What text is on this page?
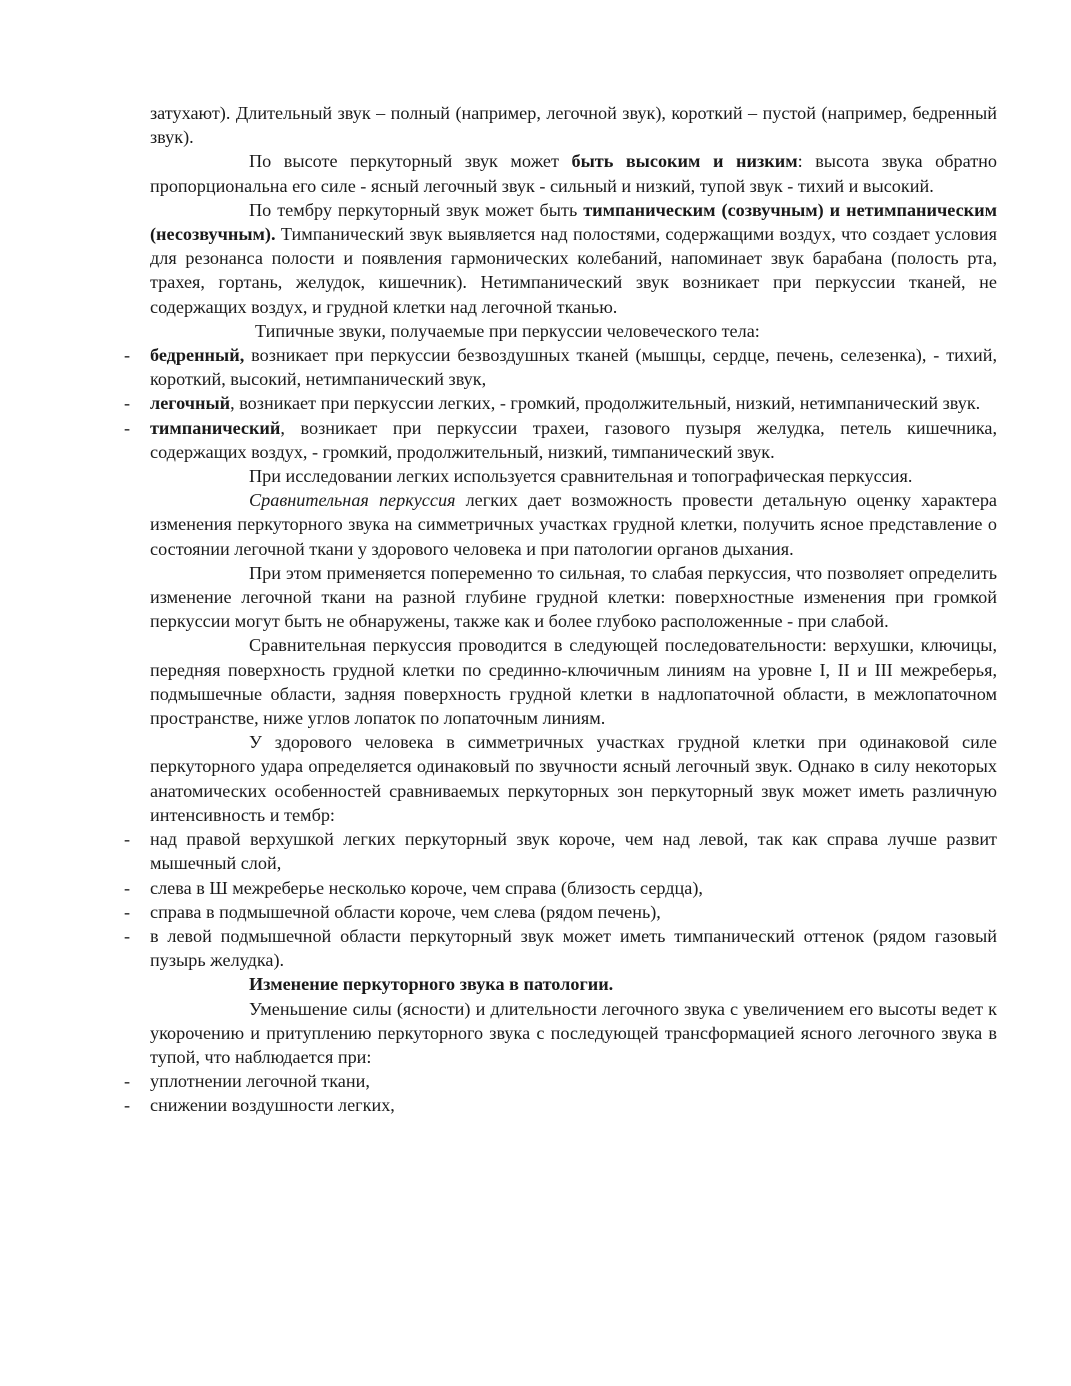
затухают). Длительный звук – полный (например, легочной звук), короткий – пустой (например, бедренный звук).

По высоте перкуторный звук может быть высоким и низким: высота звука обратно пропорциональна его силе - ясный легочный звук - сильный и низкий, тупой звук - тихий и высокий.

По тембру перкуторный звук может быть тимпаническим (созвучным) и нетимпаническим (несозвучным). Тимпанический звук выявляется над полостями, содержащими воздух, что создает условия для резонанса полости и появления гармонических колебаний, напоминает звук барабана (полость рта, трахея, гортань, желудок, кишечник). Нетимпанический звук возникает при перкуссии тканей, не содержащих воздух, и грудной клетки над легочной тканью.

Типичные звуки, получаемые при перкуссии человеческого тела:

- бедренный, возникает при перкуссии безвоздушных тканей (мышцы, сердце, печень, селезенка), - тихий, короткий, высокий, нетимпанический звук,
- легочный, возникает при перкуссии легких, - громкий, продолжительный, низкий, нетимпанический звук.
- тимпанический, возникает при перкуссии трахеи, газового пузыря желудка, петель кишечника, содержащих воздух, - громкий, продолжительный, низкий, тимпанический звук.

При исследовании легких используется сравнительная и топографическая перкуссия.

Сравнительная перкуссия легких дает возможность провести детальную оценку характера изменения перкуторного звука на симметричных участках грудной клетки, получить ясное представление о состоянии легочной ткани у здорового человека и при патологии органов дыхания.

При этом применяется попеременно то сильная, то слабая перкуссия, что позволяет определить изменение легочной ткани на разной глубине грудной клетки: поверхностные изменения при громкой перкуссии могут быть не обнаружены, также как и более глубоко расположенные - при слабой.

Сравнительная перкуссия проводится в следующей последовательности: верхушки, ключицы, передняя поверхность грудной клетки по срединно-ключичным линиям на уровне I, II и III межреберья, подмышечные области, задняя поверхность грудной клетки в надлопаточной области, в межлопаточном пространстве, ниже углов лопаток по лопаточным линиям.

У здорового человека в симметричных участках грудной клетки при одинаковой силе перкуторного удара определяется одинаковый по звучности ясный легочный звук. Однако в силу некоторых анатомических особенностей сравниваемых перкуторных зон перкуторный звук может иметь различную интенсивность и тембр:

- над правой верхушкой легких перкуторный звук короче, чем над левой, так как справа лучше развит мышечный слой,
- слева в Ш межреберье несколько короче, чем справа (близость сердца),
- справа в подмышечной области короче, чем слева (рядом печень),
- в левой подмышечной области перкуторный звук может иметь тимпанический оттенок (рядом газовый пузырь желудка).

Изменение перкуторного звука в патологии.

Уменьшение силы (ясности) и длительности легочного звука с увеличением его высоты ведет к укорочению и притуплению перкуторного звука с последующей трансформацией ясного легочного звука в тупой, что наблюдается при:

- уплотнении легочной ткани,
- снижении воздушности легких,
